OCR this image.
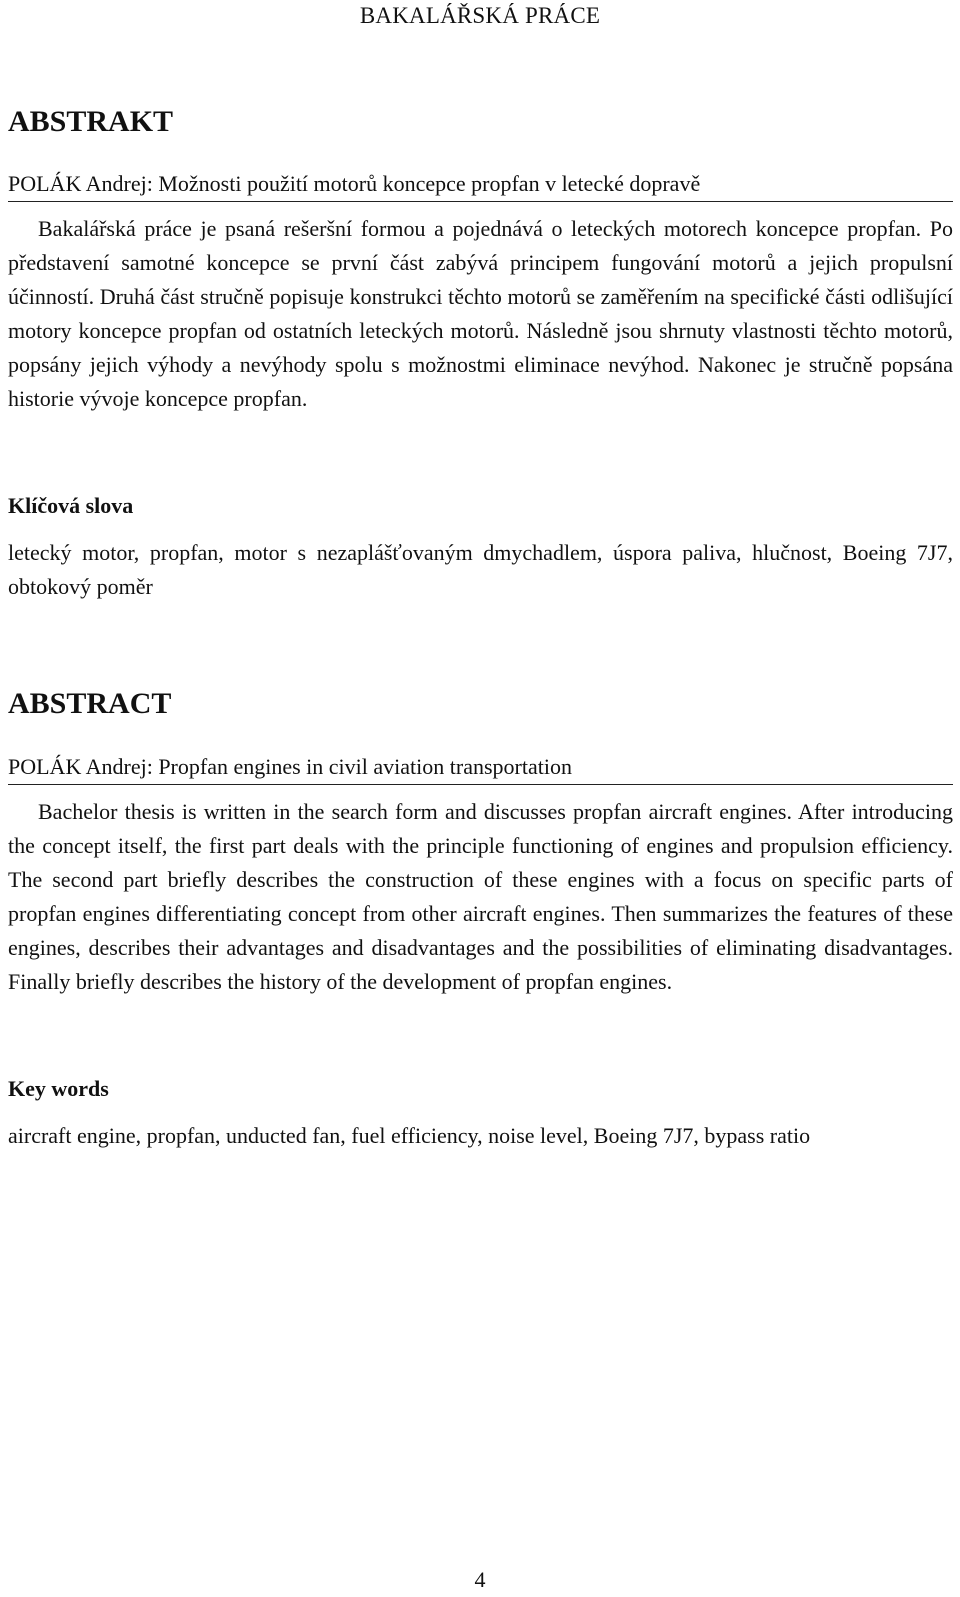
BAKALÁŘSKÁ PRÁCE
ABSTRAKT
POLÁK Andrej: Možnosti použití motorů koncepce propfan v letecké dopravě

Bakalářská práce je psaná rešeršní formou a pojednává o leteckých motorech koncepce propfan. Po představení samotné koncepce se první část zabývá principem fungování motorů a jejich propulsní účinností. Druhá část stručně popisuje konstrukci těchto motorů se zaměřením na specifické části odlišující motory koncepce propfan od ostatních leteckých motorů. Následně jsou shrnuty vlastnosti těchto motorů, popsány jejich výhody a nevýhody spolu s možnostmi eliminace nevýhod. Nakonec je stručně popsána historie vývoje koncepce propfan.

Klíčová slova

letecký motor, propfan, motor s nezaplášťovaným dmychadlem, úspora paliva, hlučnost, Boeing 7J7, obtokový poměr

ABSTRACT
POLÁK Andrej: Propfan engines in civil aviation transportation

Bachelor thesis is written in the search form and discusses propfan aircraft engines. After introducing the concept itself, the first part deals with the principle functioning of engines and propulsion efficiency. The second part briefly describes the construction of these engines with a focus on specific parts of propfan engines differentiating concept from other aircraft engines. Then summarizes the features of these engines, describes their advantages and disadvantages and the possibilities of eliminating disadvantages. Finally briefly describes the history of the development of propfan engines.

Key words

aircraft engine, propfan, unducted fan, fuel efficiency, noise level, Boeing 7J7, bypass ratio

4
